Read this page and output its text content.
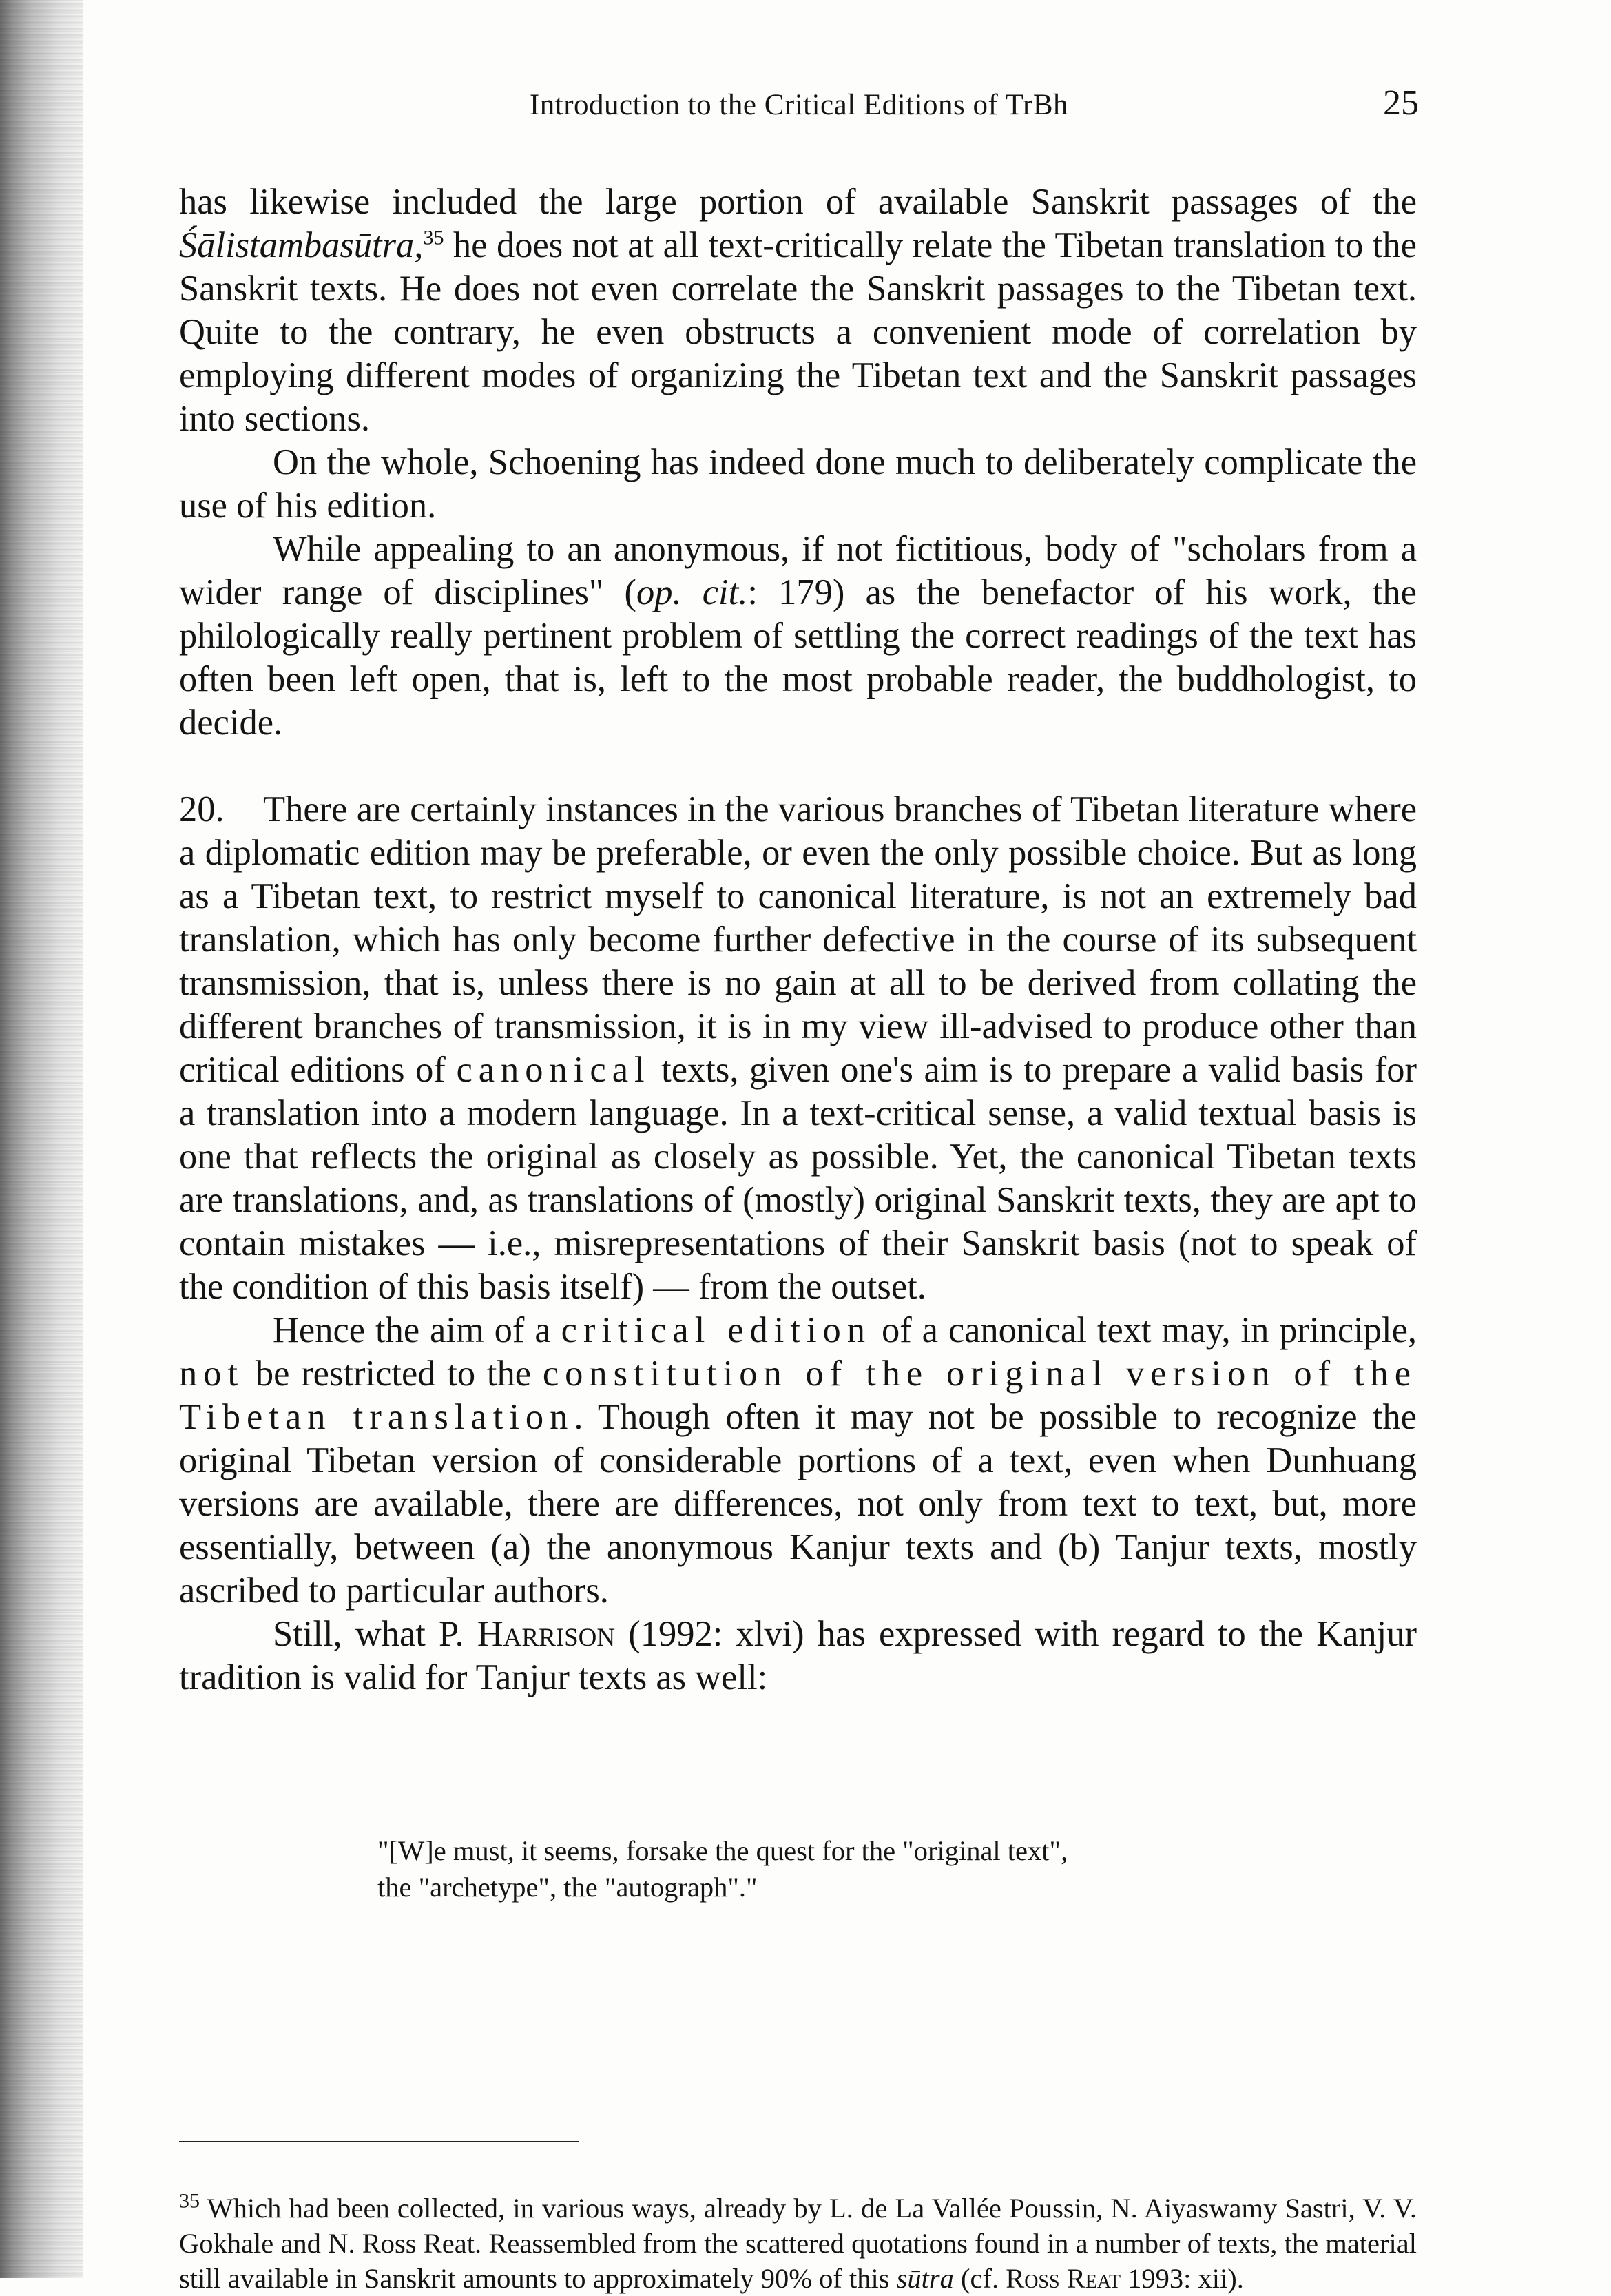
Introduction to the Critical Editions of TrBh	25

has likewise included the large portion of available Sanskrit passages of the Śālistambasūtra,$^{35}$ he does not at all text-critically relate the Tibetan translation to the Sanskrit texts. He does not even correlate the Sanskrit passages to the Tibetan text. Quite to the contrary, he even obstructs a convenient mode of correlation by employing different modes of organizing the Tibetan text and the Sanskrit passages into sections.

On the whole, Schoening has indeed done much to deliberately complicate the use of his edition.

While appealing to an anonymous, if not fictitious, body of "scholars from a wider range of disciplines" (op. cit.: 179) as the benefactor of his work, the philologically really pertinent problem of settling the correct readings of the text has often been left open, that is, left to the most probable reader, the buddhologist, to decide.

20. There are certainly instances in the various branches of Tibetan literature where a diplomatic edition may be preferable, or even the only possible choice. But as long as a Tibetan text, to restrict myself to canonical literature, is not an extremely bad translation, which has only become further defective in the course of its subsequent transmission, that is, unless there is no gain at all to be derived from collating the different branches of transmission, it is in my view ill-advised to produce other than critical editions of canonical texts, given one's aim is to prepare a valid basis for a translation into a modern language. In a text-critical sense, a valid textual basis is one that reflects the original as closely as possible. Yet, the canonical Tibetan texts are translations, and, as translations of (mostly) original Sanskrit texts, they are apt to contain mistakes — i.e., misrepresentations of their Sanskrit basis (not to speak of the condition of this basis itself) — from the outset.

Hence the aim of a critical edition of a canonical text may, in principle, not be restricted to the constitution of the original version of the Tibetan translation. Though often it may not be possible to recognize the original Tibetan version of considerable portions of a text, even when Dunhuang versions are available, there are differences, not only from text to text, but, more essentially, between (a) the anonymous Kanjur texts and (b) Tanjur texts, mostly ascribed to particular authors.

Still, what P. Harrison (1992: xlvi) has expressed with regard to the Kanjur tradition is valid for Tanjur texts as well:

"[W]e must, it seems, forsake the quest for the "original text",

the "archetype", the "autograph"."

$^{35}$ Which had been collected, in various ways, already by L. de La Vallée Poussin, N. Aiyaswamy Sastri, V. V. Gokhale and N. Ross Reat. Reassembled from the scattered quotations found in a number of texts, the material still available in Sanskrit amounts to approximately 90% of this sūtra (cf. Ross Reat 1993: xii).
